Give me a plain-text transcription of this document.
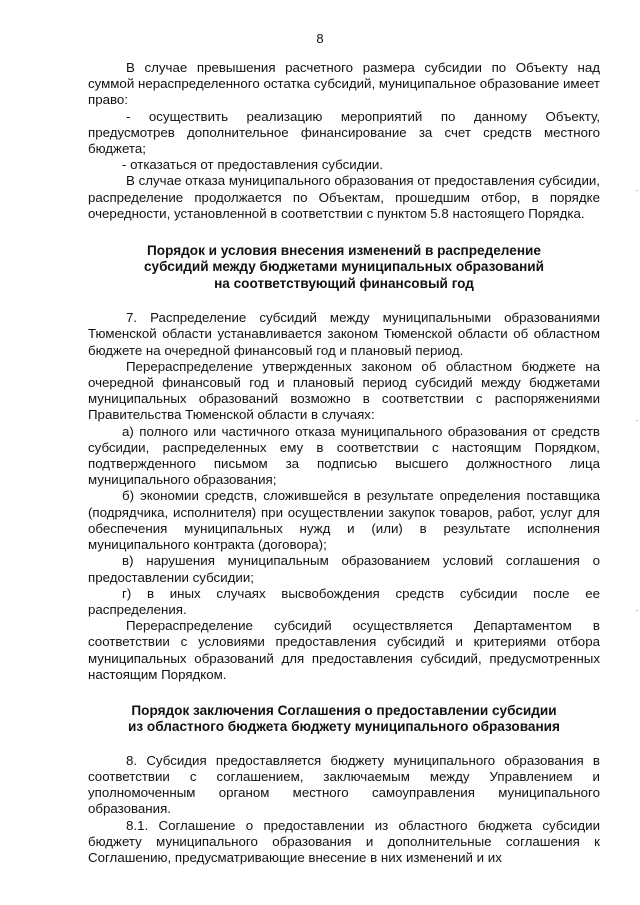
8

В случае превышения расчетного размера субсидии по Объекту над суммой нераспределенного остатка субсидий, муниципальное образование имеет право:

- осуществить реализацию мероприятий по данному Объекту, предусмотрев дополнительное финансирование за счет средств местного бюджета;

- отказаться от предоставления субсидии.

В случае отказа муниципального образования от предоставления субсидии, распределение продолжается по Объектам, прошедшим отбор, в порядке очередности, установленной в соответствии с пунктом 5.8 настоящего Порядка.

Порядок и условия внесения изменений в распределение

субсидий между бюджетами муниципальных образований

на соответствующий финансовый год

7. Распределение субсидий между муниципальными образованиями Тюменской области устанавливается законом Тюменской области об областном бюджете на очередной финансовый год и плановый период.

Перераспределение утвержденных законом об областном бюджете на очередной финансовый год и плановый период субсидий между бюджетами муниципальных образований возможно в соответствии с распоряжениями Правительства Тюменской области в случаях:

а) полного или частичного отказа муниципального образования от средств субсидии, распределенных ему в соответствии с настоящим Порядком, подтвержденного письмом за подписью высшего должностного лица муниципального образования;

б) экономии средств, сложившейся в результате определения поставщика (подрядчика, исполнителя) при осуществлении закупок товаров, работ, услуг для обеспечения муниципальных нужд и (или) в результате исполнения муниципального контракта (договора);

в) нарушения муниципальным образованием условий соглашения о предоставлении субсидии;

г) в иных случаях высвобождения средств субсидии после ее распределения.

Перераспределение субсидий осуществляется Департаментом в соответствии с условиями предоставления субсидий и критериями отбора муниципальных образований для предоставления субсидий, предусмотренных настоящим Порядком.

Порядок заключения Соглашения о предоставлении субсидии

из областного бюджета бюджету муниципального образования

8. Субсидия предоставляется бюджету муниципального образования в соответствии с соглашением, заключаемым между Управлением и уполномоченным органом местного самоуправления муниципального образования.

8.1. Соглашение о предоставлении из областного бюджета субсидии бюджету муниципального образования и дополнительные соглашения к Соглашению, предусматривающие внесение в них изменений и их
